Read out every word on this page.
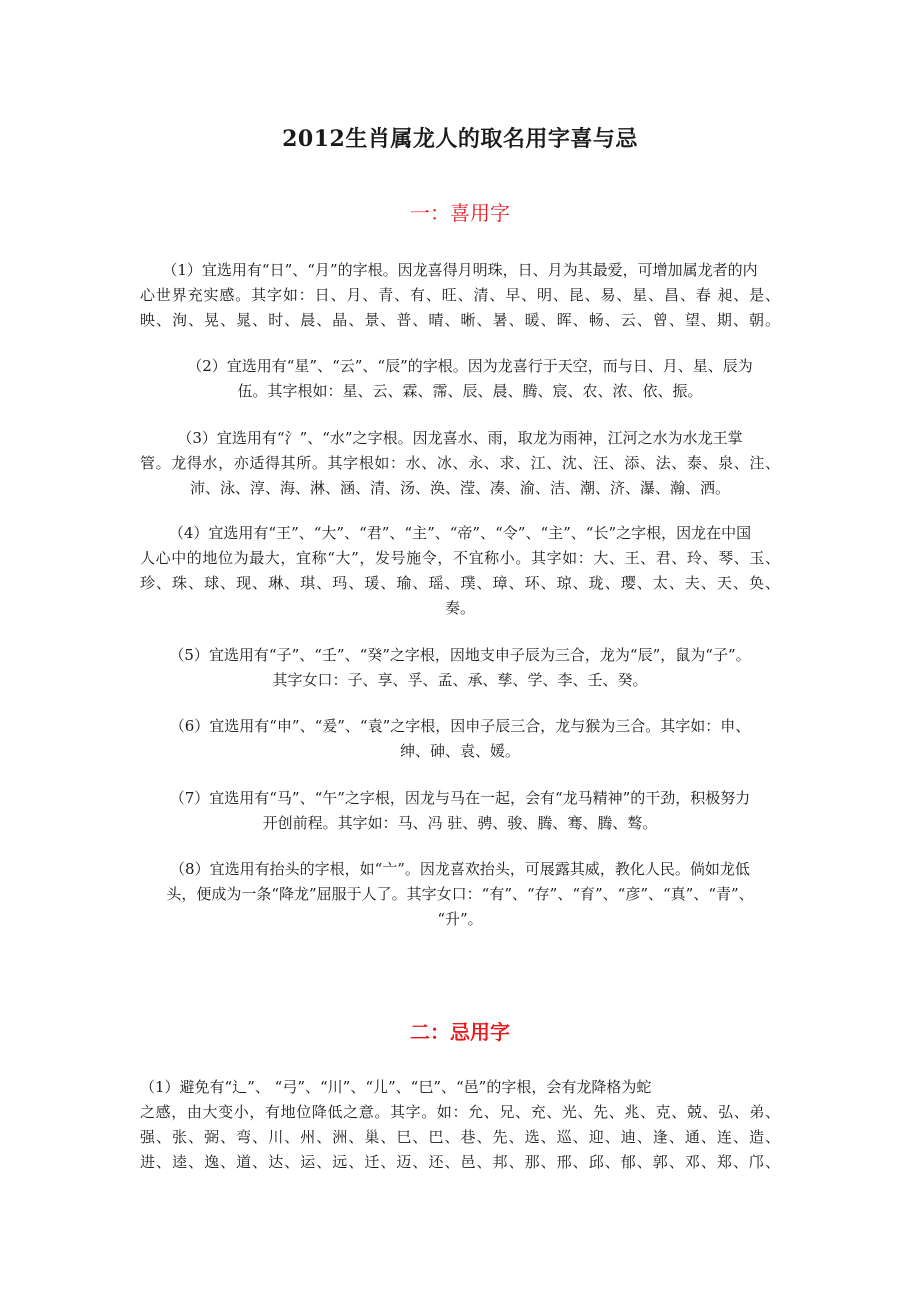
2012生肖属龙人的取名用字喜与忌
一：喜用字
（1）宜选用有“日”、“月”的字根。因龙喜得月明珠，日、月为其最爱，可增加属龙者的内
心世界充实感。其字如：日、月、青、有、旺、清、早、明、昆、易、星、昌、春 昶、是、
映、洵、晃、晁、时、晨、晶、景、普、晴、晰、暑、暖、晖、畅、云、曾、望、期、朝。
（2）宜选用有“星”、“云”、“辰”的字根。因为龙喜行于天空，而与日、月、星、辰为
伍。其字根如：星、云、霖、霈、辰、晨、腾、宸、农、浓、依、振。
（3）宜选用有“氵”、“水”之字根。因龙喜水、雨，取龙为雨神，江河之水为水龙王掌
管。龙得水，亦适得其所。其字根如：水、冰、永、求、江、沈、汪、添、法、泰、泉、注、
沛、泳、淳、海、淋、涵、清、汤、涣、滢、凑、渝、洁、潮、济、瀑、瀚、洒。
（4）宜选用有“王”、“大”、“君”、“主”、“帝”、“令”、“主”、“长”之字根，因龙在中国
人心中的地位为最大，宜称“大”，发号施令，不宜称小。其字如：大、王、君、玲、琴、玉、
珍、珠、球、现、琳、琪、玛、瑗、瑜、瑶、璞、璋、环、琼、珑、璎、太、夫、天、奂、
奏。
（5）宜选用有“子”、“壬”、“癸”之字根，因地支申子辰为三合，龙为“辰”，鼠为“子”。
其字女口：子、享、孚、孟、承、孳、学、李、壬、癸。
（6）宜选用有“申”、“爰”、“袁”之字根，因申子辰三合，龙与猴为三合。其字如：申、
绅、砷、袁、媛。
（7）宜选用有“马”、“午”之字根，因龙与马在一起，会有“龙马精神”的干劲，积极努力
开创前程。其字如：马、冯 驻、骋、骏、腾、骞、腾、骜。
（8）宜选用有抬头的字根，如“亠”。因龙喜欢抬头，可展露其威，教化人民。倘如龙低
头，便成为一条“降龙”屈服于人了。其字女口：“有”、“存”、“育”、“彦”、“真”、“青”、
“升”。
二：忌用字
（1）避免有“辶”、 “弓”、“川”、“儿”、“巳”、“邑”的字根，会有龙降格为蛇
之感，由大变小，有地位降低之意。其字。如：允、兄、充、光、先、兆、克、兢、弘、弟、
强、张、弼、弯、川、州、洲、巢、巳、巴、巷、先、选、巡、迎、迪、逢、通、连、造、
进、逵、逸、道、达、运、远、迁、迈、还、邑、邦、那、邢、邱、郁、郭、邓、郑、邝、
